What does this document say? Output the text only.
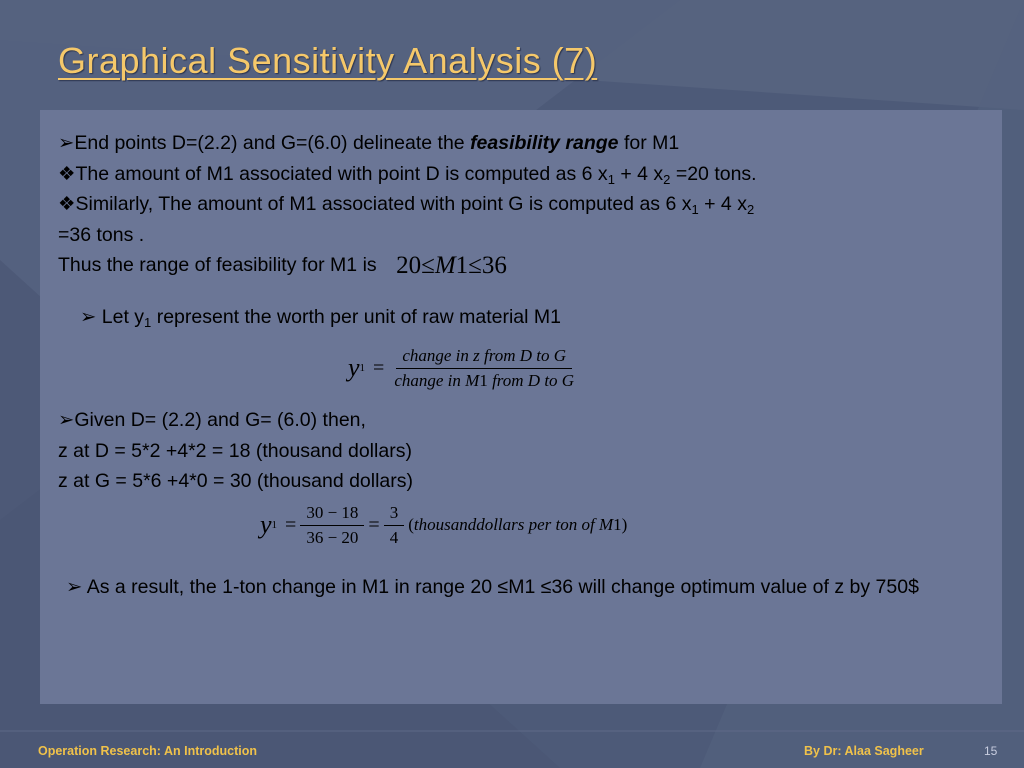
Graphical Sensitivity Analysis (7)

➢End points D=(2.2) and G=(6.0) delineate the feasibility range for M1

❖The amount of M1 associated with point D is computed as 6 $x_1 + 4$ $x_2 =20$ tons.

❖Similarly, The amount of M1 associated with point G is computed as 6 $x_1 + 4$ $x_2$
=36 tons .

Thus the range of feasibility for M1 is 20≤M1≤36

➢ Let $y_1$ represent the worth per unit of raw material M1

y $1 = \frac{\text{change in z from D to G}}{\text{change in M1 from D to G}}$

➢Given D= (2.2) and G= (6.0) then,

z at D = 5*2 +4*2 = 18 (thousand dollars)

z at G = 5*6 +4*0 = 30 (thousand dollars)

y $1 = \frac{30 - 18}{36 - 20} = \frac{3}{4}$ (thousanddollars per ton of M1)

➢ As a result, the 1-ton change in M1 in range 20 ≤M1 ≤36 will change optimum value of z by 750$

Operation Research: An Introduction	By Dr: Alaa Sagheer	15
